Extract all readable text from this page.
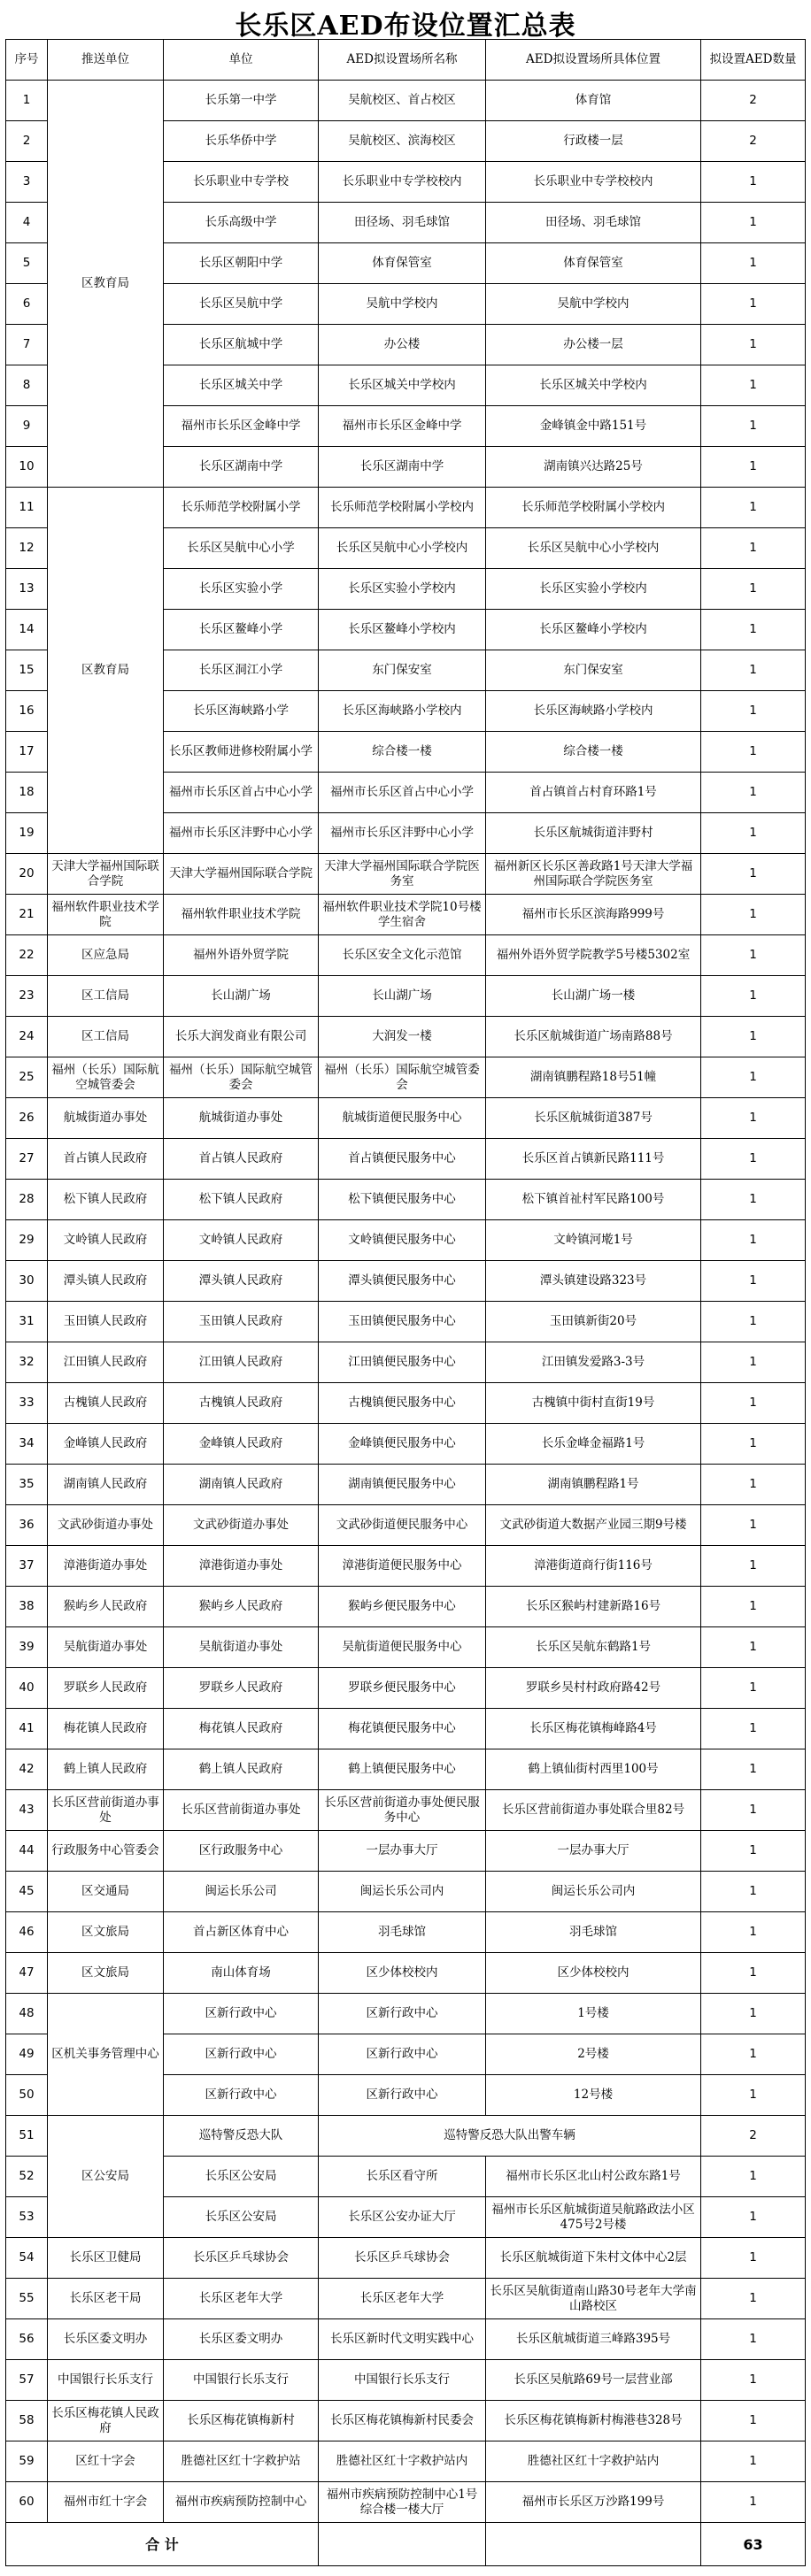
长乐区AED布设位置汇总表
序号	推送单位	单位	AED拟设置场所名称	AED拟设置场所具体位置	拟设置AED数量
1	区教育局	长乐第一中学	吴航校区、首占校区	体育馆	2
2		长乐华侨中学	吴航校区、滨海校区	行政楼一层	2
3		长乐职业中专学校	长乐职业中专学校校内	长乐职业中专学校校内	1
4		长乐高级中学	田径场、羽毛球馆	田径场、羽毛球馆	1
5		长乐区朝阳中学	体育保管室	体育保管室	1
6		长乐区吴航中学	吴航中学校内	吴航中学校内	1
7		长乐区航城中学	办公楼	办公楼一层	1
8		长乐区城关中学	长乐区城关中学校内	长乐区城关中学校内	1
9		福州市长乐区金峰中学	福州市长乐区金峰中学	金峰镇金中路151号	1
10		长乐区湖南中学	长乐区湖南中学	湖南镇兴达路25号	1
11	区教育局	长乐师范学校附属小学	长乐师范学校附属小学校内	长乐师范学校附属小学校内	1
12		长乐区吴航中心小学	长乐区吴航中心小学校内	长乐区吴航中心小学校内	1
13		长乐区实验小学	长乐区实验小学校内	长乐区实验小学校内	1
14		长乐区鳌峰小学	长乐区鳌峰小学校内	长乐区鳌峰小学校内	1
15		长乐区洞江小学	东门保安室	东门保安室	1
16		长乐区海峡路小学	长乐区海峡路小学校内	长乐区海峡路小学校内	1
17		长乐区教师进修校附属小学	综合楼一楼	综合楼一楼	1
18		福州市长乐区首占中心小学	福州市长乐区首占中心小学	首占镇首占村育环路1号	1
19		福州市长乐区沣野中心小学	福州市长乐区沣野中心小学	长乐区航城街道沣野村	1
20	天津大学福州国际联合学院	天津大学福州国际联合学院	天津大学福州国际联合学院医务室	福州新区长乐区善政路1号天津大学福州国际联合学院医务室	1
21	福州软件职业技术学院	福州软件职业技术学院	福州软件职业技术学院10号楼学生宿舍	福州市长乐区滨海路999号	1
22	区应急局	福州外语外贸学院	长乐区安全文化示范馆	福州外语外贸学院教学5号楼5302室	1
23	区工信局	长山湖广场	长山湖广场	长山湖广场一楼	1
24	区工信局	长乐大润发商业有限公司	大润发一楼	长乐区航城街道广场南路88号	1
25	福州（长乐）国际航空城管委会	福州（长乐）国际航空城管委会	福州（长乐）国际航空城管委会	湖南镇鹏程路18号51幢	1
26	航城街道办事处	航城街道办事处	航城街道便民服务中心	长乐区航城街道387号	1
27	首占镇人民政府	首占镇人民政府	首占镇便民服务中心	长乐区首占镇新民路111号	1
28	松下镇人民政府	松下镇人民政府	松下镇便民服务中心	松下镇首祉村军民路100号	1
29	文岭镇人民政府	文岭镇人民政府	文岭镇便民服务中心	文岭镇河墘1号	1
30	潭头镇人民政府	潭头镇人民政府	潭头镇便民服务中心	潭头镇建设路323号	1
31	玉田镇人民政府	玉田镇人民政府	玉田镇便民服务中心	玉田镇新街20号	1
32	江田镇人民政府	江田镇人民政府	江田镇便民服务中心	江田镇发爱路3-3号	1
33	古槐镇人民政府	古槐镇人民政府	古槐镇便民服务中心	古槐镇中街村直街19号	1
34	金峰镇人民政府	金峰镇人民政府	金峰镇便民服务中心	长乐金峰金福路1号	1
35	湖南镇人民政府	湖南镇人民政府	湖南镇便民服务中心	湖南镇鹏程路1号	1
36	文武砂街道办事处	文武砂街道办事处	文武砂街道便民服务中心	文武砂街道大数据产业园三期9号楼	1
37	漳港街道办事处	漳港街道办事处	漳港街道便民服务中心	漳港街道商行街116号	1
38	猴屿乡人民政府	猴屿乡人民政府	猴屿乡便民服务中心	长乐区猴屿村建新路16号	1
39	吴航街道办事处	吴航街道办事处	吴航街道便民服务中心	长乐区吴航东鹤路1号	1
40	罗联乡人民政府	罗联乡人民政府	罗联乡便民服务中心	罗联乡吴村村政府路42号	1
41	梅花镇人民政府	梅花镇人民政府	梅花镇便民服务中心	长乐区梅花镇梅峰路4号	1
42	鹤上镇人民政府	鹤上镇人民政府	鹤上镇便民服务中心	鹤上镇仙街村西里100号	1
43	长乐区营前街道办事处	长乐区营前街道办事处	长乐区营前街道办事处便民服务中心	长乐区营前街道办事处联合里82号	1
44	行政服务中心管委会	区行政服务中心	一层办事大厅	一层办事大厅	1
45	区交通局	闽运长乐公司	闽运长乐公司内	闽运长乐公司内	1
46	区文旅局	首占新区体育中心	羽毛球馆	羽毛球馆	1
47	区文旅局	南山体育场	区少体校校内	区少体校校内	1
48	区机关事务管理中心	区新行政中心	区新行政中心	1号楼	1
49		区新行政中心	区新行政中心	2号楼	1
50		区新行政中心	区新行政中心	12号楼	1
51	区公安局	巡特警反恐大队	巡特警反恐大队出警车辆		2
52		长乐区公安局	长乐区看守所	福州市长乐区北山村公政东路1号	1
53		长乐区公安局	长乐区公安办证大厅	福州市长乐区航城街道吴航路政法小区475号2号楼	1
54	长乐区卫健局	长乐区乒乓球协会	长乐区乒乓球协会	长乐区航城街道下朱村文体中心2层	1
55	长乐区老干局	长乐区老年大学	长乐区老年大学	长乐区吴航街道南山路30号老年大学南山路校区	1
56	长乐区委文明办	长乐区委文明办	长乐区新时代文明实践中心	长乐区航城街道三峰路395号	1
57	中国银行长乐支行	中国银行长乐支行	中国银行长乐支行	长乐区吴航路69号一层营业部	1
58	长乐区梅花镇人民政府	长乐区梅花镇梅新村	长乐区梅花镇梅新村民委会	长乐区梅花镇梅新村梅港巷328号	1
59	区红十字会	胜德社区红十字救护站	胜德社区红十字救护站内	胜德社区红十字救护站内	1
60	福州市红十字会	福州市疾病预防控制中心	福州市疾病预防控制中心1号综合楼一楼大厅	福州市长乐区万沙路199号	1
合 计					63
